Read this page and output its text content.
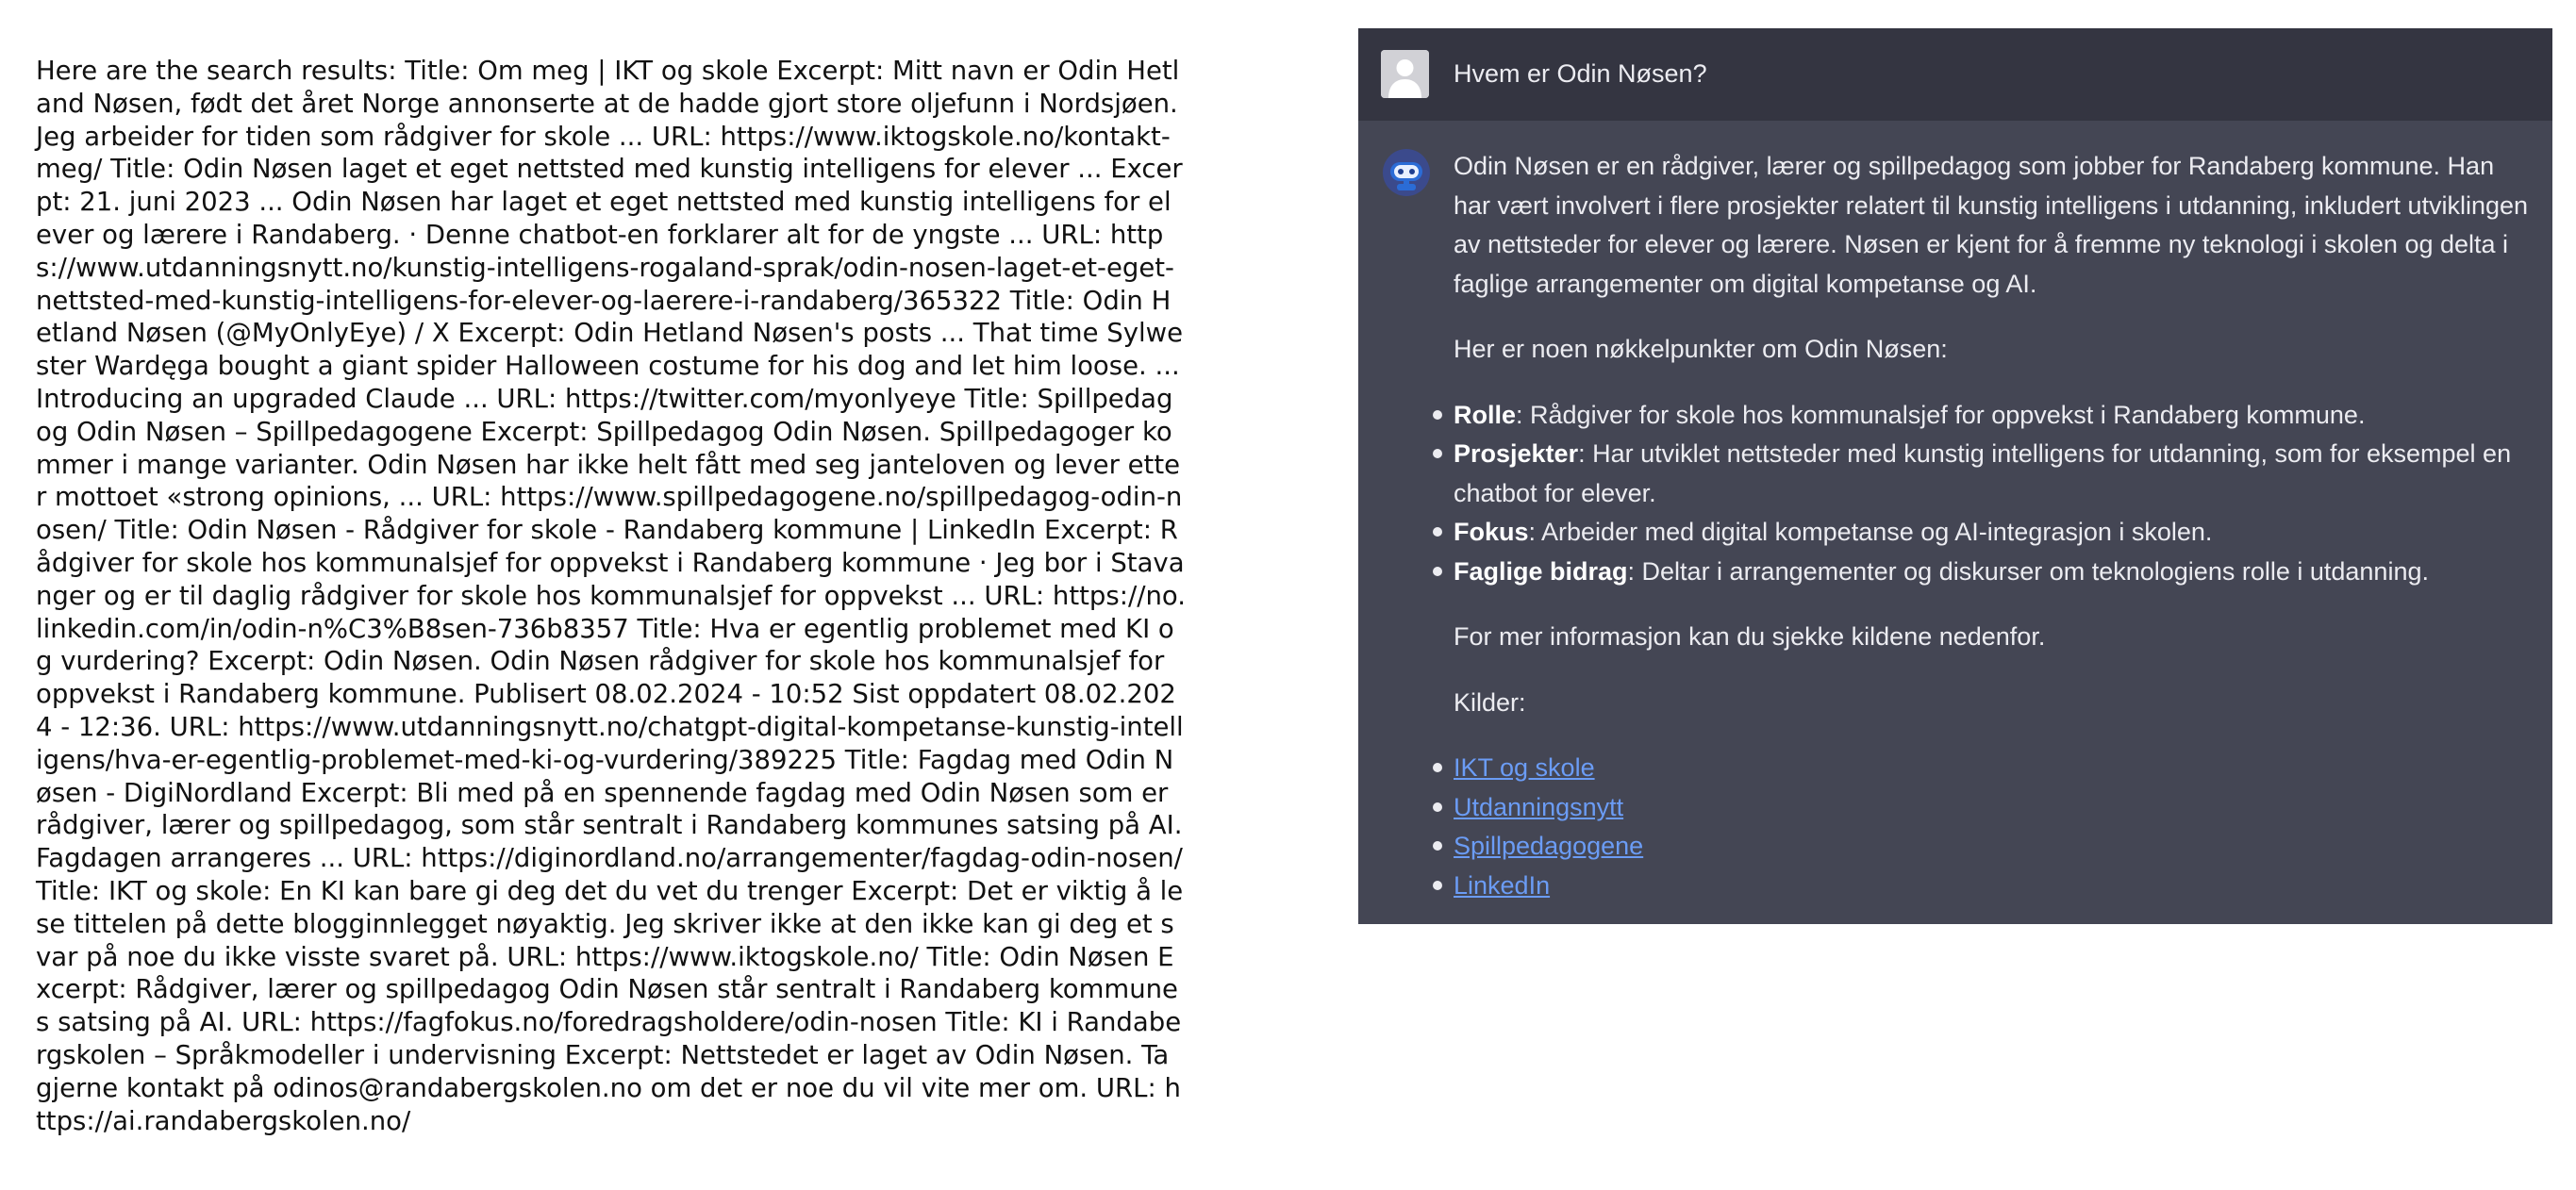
Here are the search results: Title: Om meg | IKT og skole Excerpt: Mitt navn er Odin Hetland Nøsen, født det året Norge annonserte at de hadde gjort store oljefunn i Nordsjøen. Jeg arbeider for tiden som rådgiver for skole ... URL: https://www.iktogskole.no/kontakt-meg/ Title: Odin Nøsen laget et eget nettsted med kunstig intelligens for elever ... Excerpt: 21. juni 2023 ... Odin Nøsen har laget et eget nettsted med kunstig intelligens for elever og lærere i Randaberg. · Denne chatbot-en forklarer alt for de yngste ... URL: https://www.utdanningsnytt.no/kunstig-intelligens-rogaland-sprak/odin-nosen-laget-et-eget-nettsted-med-kunstig-intelligens-for-elever-og-laerere-i-randaberg/365322 Title: Odin Hetland Nøsen (@MyOnlyEye) / X Excerpt: Odin Hetland Nøsen's posts ... That time Sylwester Wardęga bought a giant spider Halloween costume for his dog and let him loose. ... Introducing an upgraded Claude ... URL: https://twitter.com/myonlyeye Title: Spillpedagog Odin Nøsen – Spillpedagogene Excerpt: Spillpedagog Odin Nøsen. Spillpedagoger kommer i mange varianter. Odin Nøsen har ikke helt fått med seg janteloven og lever etter mottoet «strong opinions, ... URL: https://www.spillpedagogene.no/spillpedagog-odin-nosen/ Title: Odin Nøsen - Rådgiver for skole - Randaberg kommune | LinkedIn Excerpt: Rådgiver for skole hos kommunalsjef for oppvekst i Randaberg kommune · Jeg bor i Stavanger og er til daglig rådgiver for skole hos kommunalsjef for oppvekst ... URL: https://no.linkedin.com/in/odin-n%C3%B8sen-736b8357 Title: Hva er egentlig problemet med KI og vurdering? Excerpt: Odin Nøsen. Odin Nøsen rådgiver for skole hos kommunalsjef for oppvekst i Randaberg kommune. Publisert 08.02.2024 - 10:52 Sist oppdatert 08.02.2024 - 12:36. URL: https://www.utdanningsnytt.no/chatgpt-digital-kompetanse-kunstig-intelligens/hva-er-egentlig-problemet-med-ki-og-vurdering/389225 Title: Fagdag med Odin Nøsen - DigiNordland Excerpt: Bli med på en spennende fagdag med Odin Nøsen som er rådgiver, lærer og spillpedagog, som står sentralt i Randaberg kommunes satsing på AI. Fagdagen arrangeres ... URL: https://diginordland.no/arrangementer/fagdag-odin-nosen/ Title: IKT og skole: En KI kan bare gi deg det du vet du trenger Excerpt: Det er viktig å lese tittelen på dette blogginnlegget nøyaktig. Jeg skriver ikke at den ikke kan gi deg et svar på noe du ikke visste svaret på. URL: https://www.iktogskole.no/ Title: Odin Nøsen Excerpt: Rådgiver, lærer og spillpedagog Odin Nøsen står sentralt i Randaberg kommunes satsing på AI. URL: https://fagfokus.no/foredragsholdere/odin-nosen Title: KI i Randabergskolen – Språkmodeller i undervisning Excerpt: Nettstedet er laget av Odin Nøsen. Ta gjerne kontakt på odinos@randabergskolen.no om det er noe du vil vite mer om. URL: https://ai.randabergskolen.no/

Hvem er Odin Nøsen?

Odin Nøsen er en rådgiver, lærer og spillpedagog som jobber for Randaberg kommune. Han har vært involvert i flere prosjekter relatert til kunstig intelligens i utdanning, inkludert utviklingen av nettsteder for elever og lærere. Nøsen er kjent for å fremme ny teknologi i skolen og delta i faglige arrangementer om digital kompetanse og AI.

Her er noen nøkkelpunkter om Odin Nøsen:

Rolle: Rådgiver for skole hos kommunalsjef for oppvekst i Randaberg kommune.
Prosjekter: Har utviklet nettsteder med kunstig intelligens for utdanning, som for eksempel en chatbot for elever.
Fokus: Arbeider med digital kompetanse og AI-integrasjon i skolen.
Faglige bidrag: Deltar i arrangementer og diskurser om teknologiens rolle i utdanning.

For mer informasjon kan du sjekke kildene nedenfor.

Kilder:

IKT og skole
Utdanningsnytt
Spillpedagogene
LinkedIn
